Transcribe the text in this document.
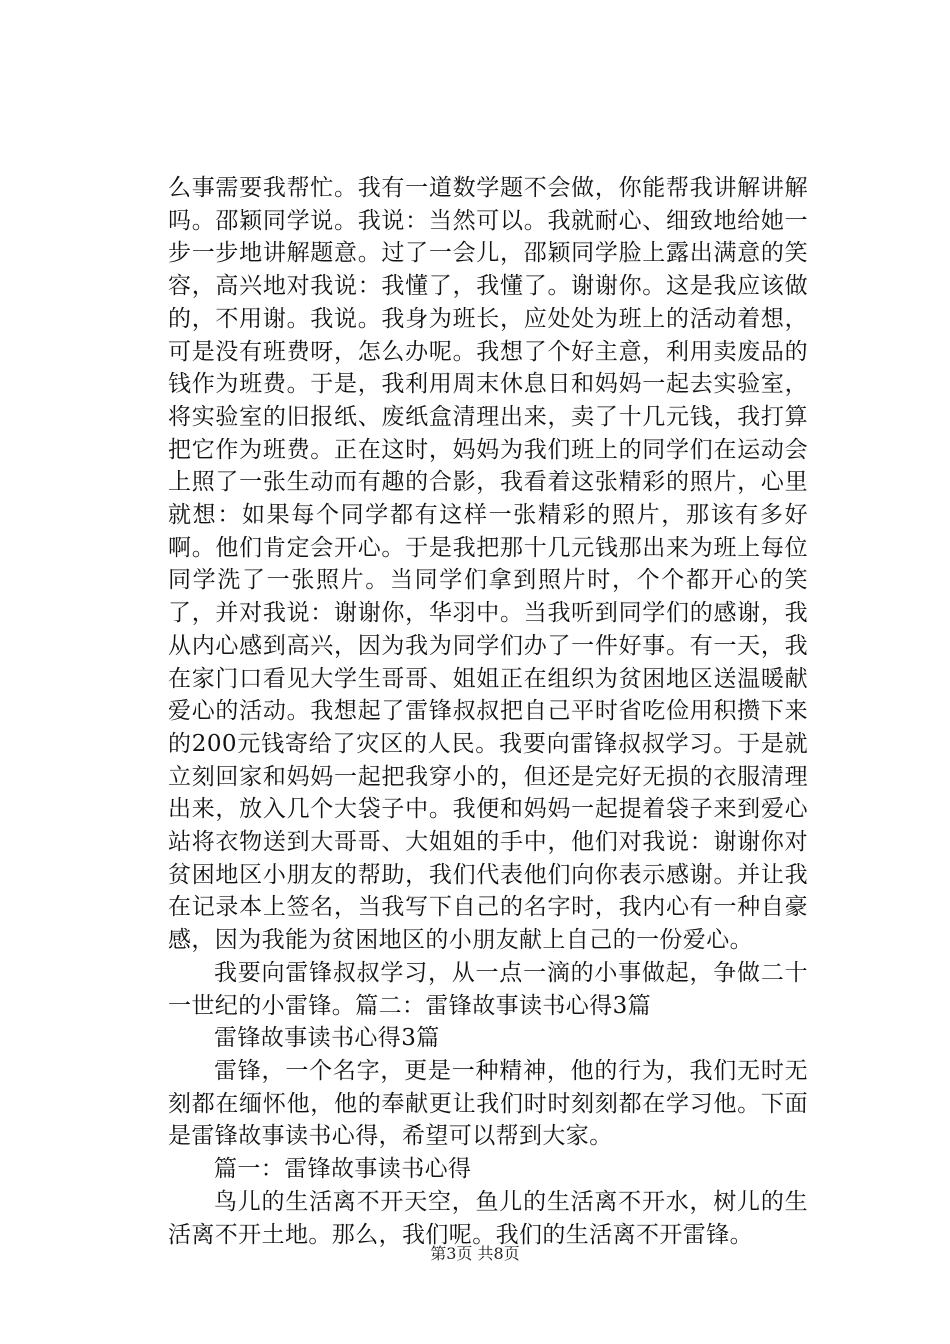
么事需要我帮忙。我有一道数学题不会做，你能帮我讲解讲解吗。邵颖同学说。我说：当然可以。我就耐心、细致地给她一步一步地讲解题意。过了一会儿，邵颖同学脸上露出满意的笑容，高兴地对我说：我懂了，我懂了。谢谢你。这是我应该做的，不用谢。我说。我身为班长，应处处为班上的活动着想，可是没有班费呀，怎么办呢。我想了个好主意，利用卖废品的钱作为班费。于是，我利用周末休息日和妈妈一起去实验室，将实验室的旧报纸、废纸盒清理出来，卖了十几元钱，我打算把它作为班费。正在这时，妈妈为我们班上的同学们在运动会上照了一张生动而有趣的合影，我看着这张精彩的照片，心里就想：如果每个同学都有这样一张精彩的照片，那该有多好啊。他们肯定会开心。于是我把那十几元钱那出来为班上每位同学洗了一张照片。当同学们拿到照片时，个个都开心的笑了，并对我说：谢谢你，华羽中。当我听到同学们的感谢，我从内心感到高兴，因为我为同学们办了一件好事。有一天，我在家门口看见大学生哥哥、姐姐正在组织为贫困地区送温暖献爱心的活动。我想起了雷锋叔叔把自己平时省吃俭用积攒下来的200元钱寄给了灾区的人民。我要向雷锋叔叔学习。于是就立刻回家和妈妈一起把我穿小的，但还是完好无损的衣服清理出来，放入几个大袋子中。我便和妈妈一起提着袋子来到爱心站将衣物送到大哥哥、大姐姐的手中，他们对我说：谢谢你对贫困地区小朋友的帮助，我们代表他们向你表示感谢。并让我在记录本上签名，当我写下自己的名字时，我内心有一种自豪感，因为我能为贫困地区的小朋友献上自己的一份爱心。

我要向雷锋叔叔学习，从一点一滴的小事做起，争做二十一世纪的小雷锋。篇二：雷锋故事读书心得3篇

雷锋故事读书心得3篇

雷锋，一个名字，更是一种精神，他的行为，我们无时无刻都在缅怀他，他的奉献更让我们时时刻刻都在学习他。下面是雷锋故事读书心得，希望可以帮到大家。

篇一：雷锋故事读书心得

鸟儿的生活离不开天空，鱼儿的生活离不开水，树儿的生活离不开土地。那么，我们呢。我们的生活离不开雷锋。

第3页 共8页
